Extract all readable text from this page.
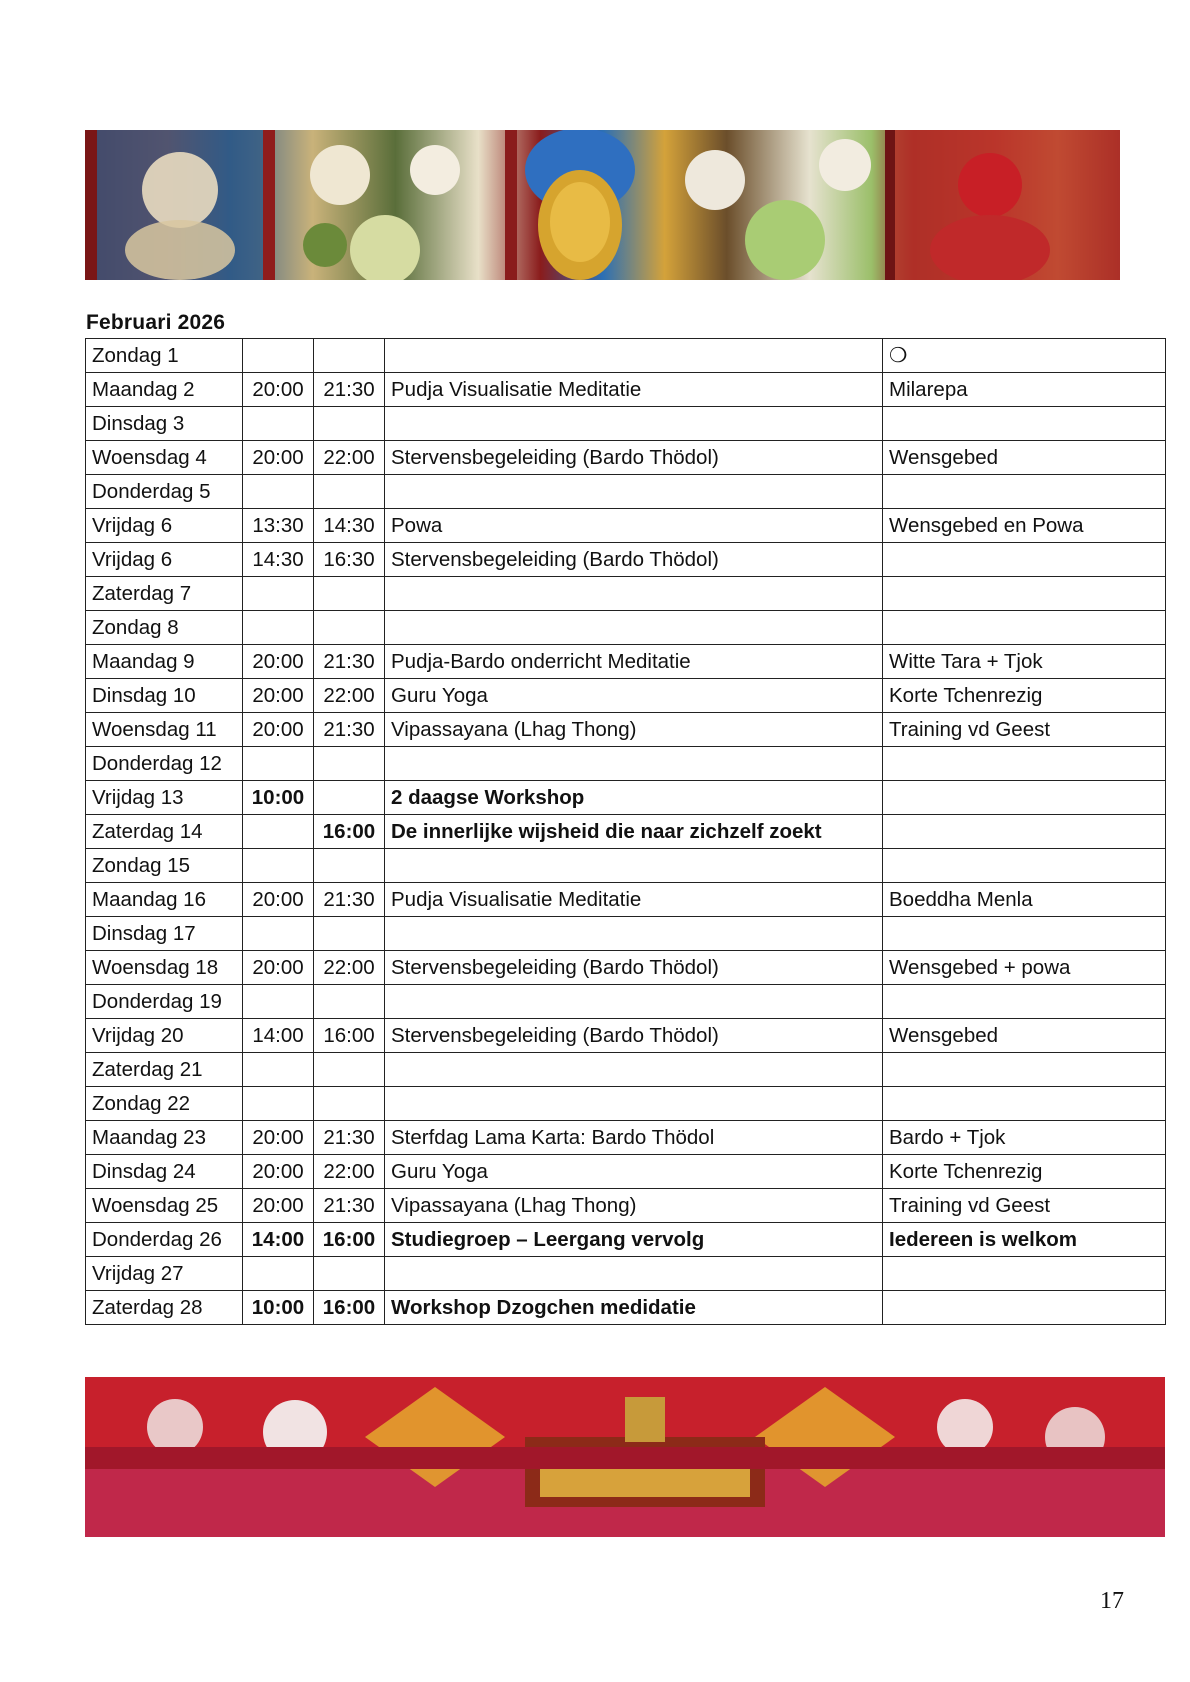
Februari 2026
Zondag 1				❍
Maandag 2	20:00	21:30	Pudja Visualisatie Meditatie	Milarepa
Dinsdag 3				
Woensdag 4	20:00	22:00	Stervensbegeleiding (Bardo Thödol)	Wensgebed
Donderdag 5				
Vrijdag 6	13:30	14:30	Powa	Wensgebed en Powa
Vrijdag 6	14:30	16:30	Stervensbegeleiding (Bardo Thödol)	
Zaterdag 7				
Zondag 8				
Maandag 9	20:00	21:30	Pudja-Bardo onderricht Meditatie	Witte Tara + Tjok
Dinsdag 10	20:00	22:00	Guru Yoga	Korte Tchenrezig
Woensdag 11	20:00	21:30	Vipassayana (Lhag Thong)	Training vd Geest
Donderdag 12				
Vrijdag 13	10:00		2 daagse Workshop	
Zaterdag 14		16:00	De innerlijke wijsheid die naar zichzelf zoekt	
Zondag 15				
Maandag 16	20:00	21:30	Pudja Visualisatie Meditatie	Boeddha Menla
Dinsdag 17				
Woensdag 18	20:00	22:00	Stervensbegeleiding (Bardo Thödol)	Wensgebed + powa
Donderdag 19				
Vrijdag 20	14:00	16:00	Stervensbegeleiding (Bardo Thödol)	Wensgebed
Zaterdag 21				
Zondag 22				
Maandag 23	20:00	21:30	Sterfdag Lama Karta: Bardo Thödol	Bardo + Tjok
Dinsdag 24	20:00	22:00	Guru Yoga	Korte Tchenrezig
Woensdag 25	20:00	21:30	Vipassayana (Lhag Thong)	Training vd Geest
Donderdag 26	14:00	16:00	Studiegroep – Leergang vervolg	Iedereen is welkom
Vrijdag 27				
Zaterdag 28	10:00	16:00	Workshop Dzogchen medidatie	
17
